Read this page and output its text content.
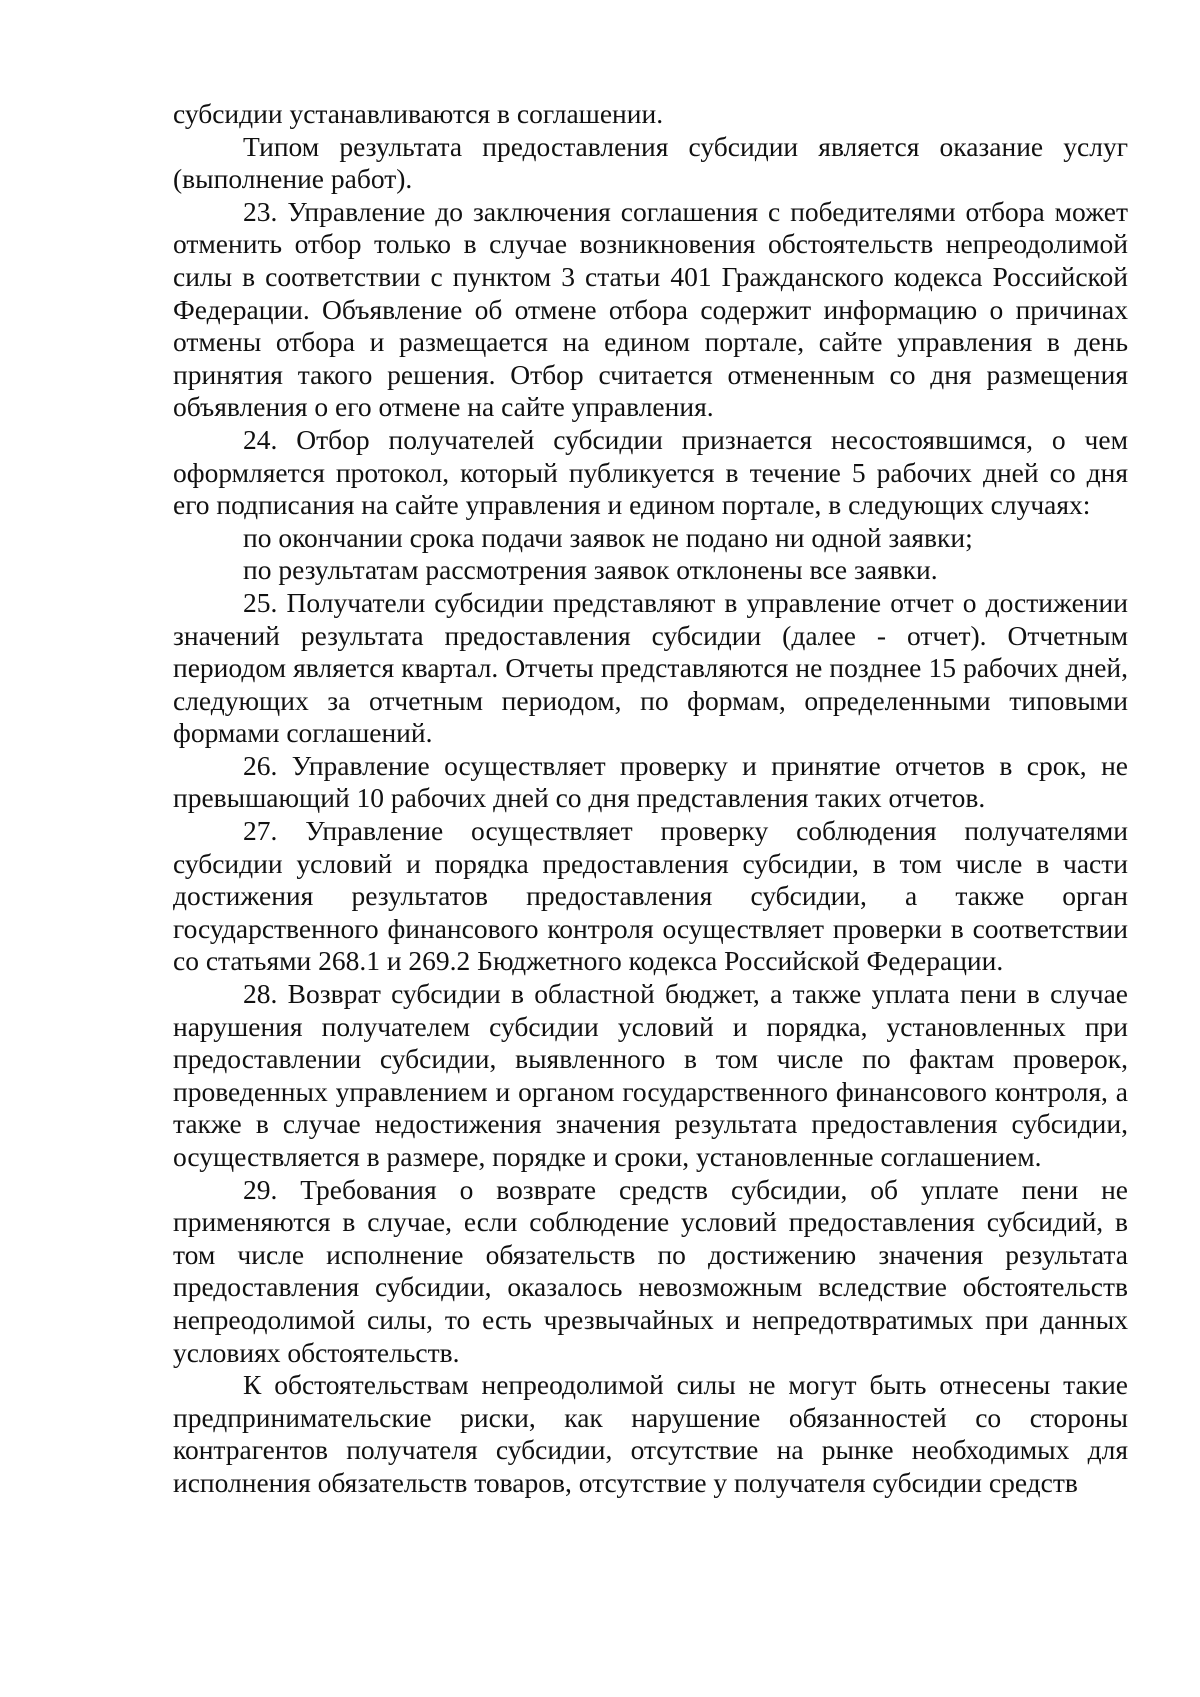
субсидии устанавливаются в соглашении.

Типом результата предоставления субсидии является оказание услуг (выполнение работ).

23. Управление до заключения соглашения с победителями отбора может отменить отбор только в случае возникновения обстоятельств непреодолимой силы в соответствии с пунктом 3 статьи 401 Гражданского кодекса Российской Федерации. Объявление об отмене отбора содержит информацию о причинах отмены отбора и размещается на едином портале, сайте управления в день принятия такого решения. Отбор считается отмененным со дня размещения объявления о его отмене на сайте управления.

24. Отбор получателей субсидии признается несостоявшимся, о чем оформляется протокол, который публикуется в течение 5 рабочих дней со дня его подписания на сайте управления и едином портале, в следующих случаях:

по окончании срока подачи заявок не подано ни одной заявки;

по результатам рассмотрения заявок отклонены все заявки.

25. Получатели субсидии представляют в управление отчет о достижении значений результата предоставления субсидии (далее - отчет). Отчетным периодом является квартал. Отчеты представляются не позднее 15 рабочих дней, следующих за отчетным периодом, по формам, определенными типовыми формами соглашений.

26. Управление осуществляет проверку и принятие отчетов в срок, не превышающий 10 рабочих дней со дня представления таких отчетов.

27. Управление осуществляет проверку соблюдения получателями субсидии условий и порядка предоставления субсидии, в том числе в части достижения результатов предоставления субсидии, а также орган государственного финансового контроля осуществляет проверки в соответствии со статьями 268.1 и 269.2 Бюджетного кодекса Российской Федерации.

28. Возврат субсидии в областной бюджет, а также уплата пени в случае нарушения получателем субсидии условий и порядка, установленных при предоставлении субсидии, выявленного в том числе по фактам проверок, проведенных управлением и органом государственного финансового контроля, а также в случае недостижения значения результата предоставления субсидии, осуществляется в размере, порядке и сроки, установленные соглашением.

29. Требования о возврате средств субсидии, об уплате пени не применяются в случае, если соблюдение условий предоставления субсидий, в том числе исполнение обязательств по достижению значения результата предоставления субсидии, оказалось невозможным вследствие обстоятельств непреодолимой силы, то есть чрезвычайных и непредотвратимых при данных условиях обстоятельств.

К обстоятельствам непреодолимой силы не могут быть отнесены такие предпринимательские риски, как нарушение обязанностей со стороны контрагентов получателя субсидии, отсутствие на рынке необходимых для исполнения обязательств товаров, отсутствие у получателя субсидии средств
